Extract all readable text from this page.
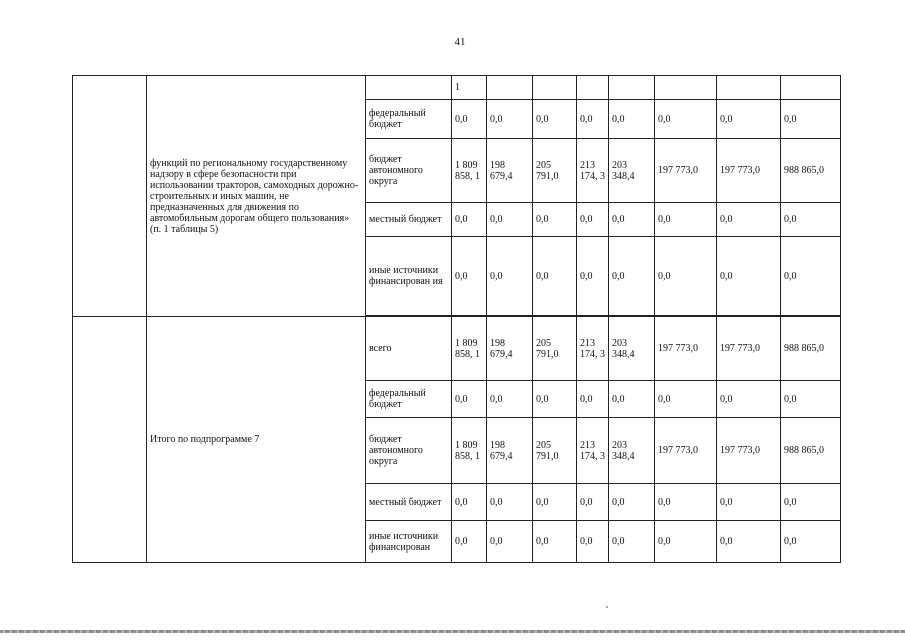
41
	функций по региональному государственному надзору в сфере безопасности при использовании тракторов, самоходных дорожно-строительных и иных машин, не предназначенных для движения по автомобильным дорогам общего пользования» (п. 1 таблицы 5)		1							
		федеральный бюджет	0,0	0,0	0,0	0,0	0,0	0,0	0,0	0,0
		бюджет автономного округа	1 809 858, 1	198 679,4	205 791,0	213 174, 3	203 348,4	197 773,0	197 773,0	988 865,0
		местный бюджет	0,0	0,0	0,0	0,0	0,0	0,0	0,0	0,0
		иные источники финансирован ия	0,0	0,0	0,0	0,0	0,0	0,0	0,0	0,0

	Итого по подпрограмме 7	всего	1 809 858, 1	198 679,4	205 791,0	213 174, 3	203 348,4	197 773,0	197 773,0	988 865,0
		федеральный бюджет	0,0	0,0	0,0	0,0	0,0	0,0	0,0	0,0
		бюджет автономного округа	1 809 858, 1	198 679,4	205 791,0	213 174, 3	203 348,4	197 773,0	197 773,0	988 865,0
		местный бюджет	0,0	0,0	0,0	0,0	0,0	0,0	0,0	0,0
		иные источники финансирован	0,0	0,0	0,0	0,0	0,0	0,0	0,0	0,0
